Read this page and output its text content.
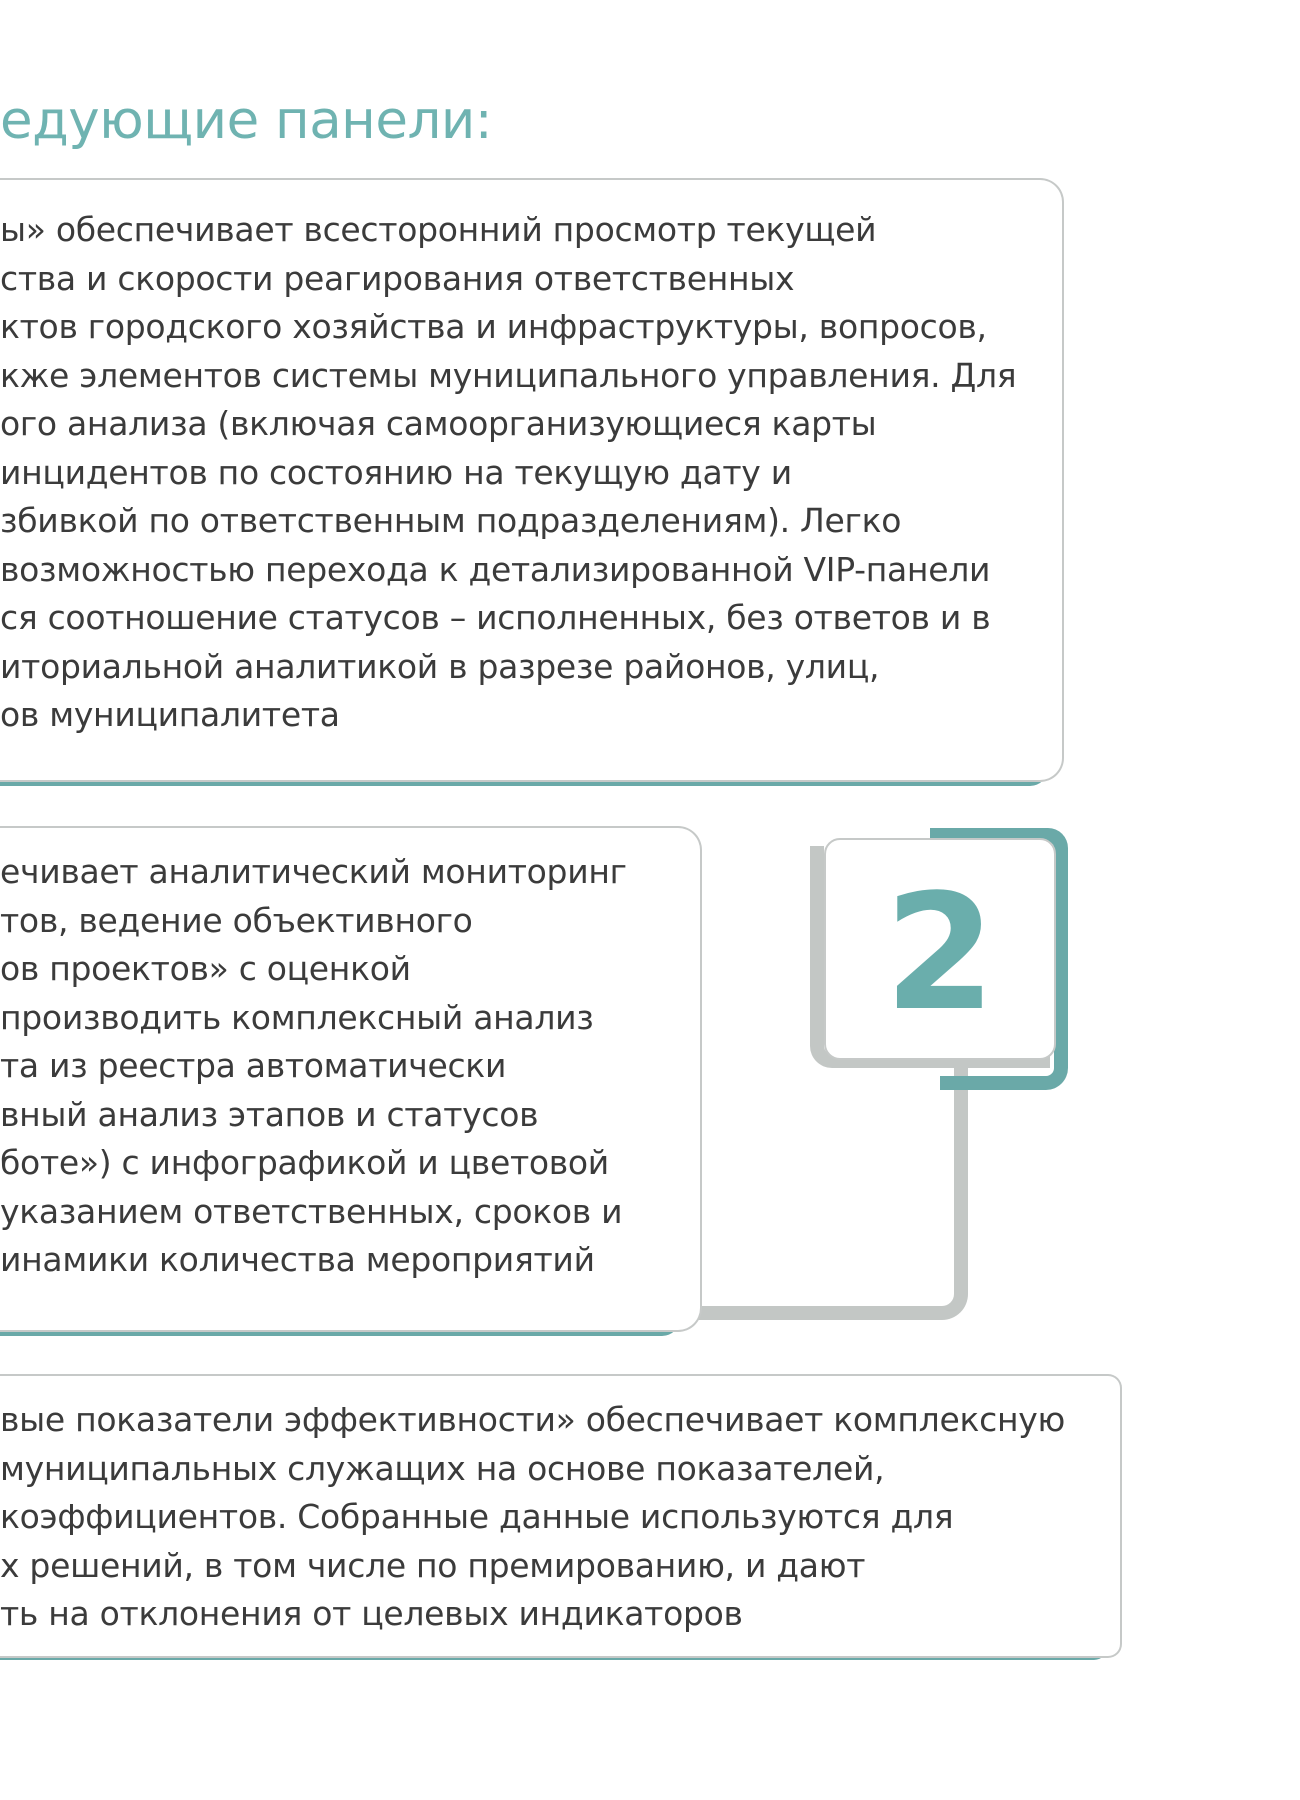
едующие панели:
ы» обеспечивает всесторонний просмотр текущей
ства и скорости реагирования ответственных
ктов городского хозяйства и инфраструктуры, вопросов,
кже элементов системы муниципального управления. Для
ого анализа (включая самоорганизующиеся карты
инцидентов по состоянию на текущую дату и
збивкой по ответственным подразделениям). Легко
возможностью перехода к детализированной VIP-панели
ся соотношение статусов – исполненных, без ответов и в
иториальной аналитикой в разрезе районов, улиц,
ов муниципалитета
2
ечивает аналитический мониторинг
тов, ведение объективного
ов проектов» с оценкой
производить комплексный анализ
та из реестра автоматически
вный анализ этапов и статусов
боте») с инфографикой и цветовой
указанием ответственных, сроков и
инамики количества мероприятий
вые показатели эффективности» обеспечивает комплексную
муниципальных служащих на основе показателей,
коэффициентов. Собранные данные используются для
х решений, в том числе по премированию, и дают
ть на отклонения от целевых индикаторов
